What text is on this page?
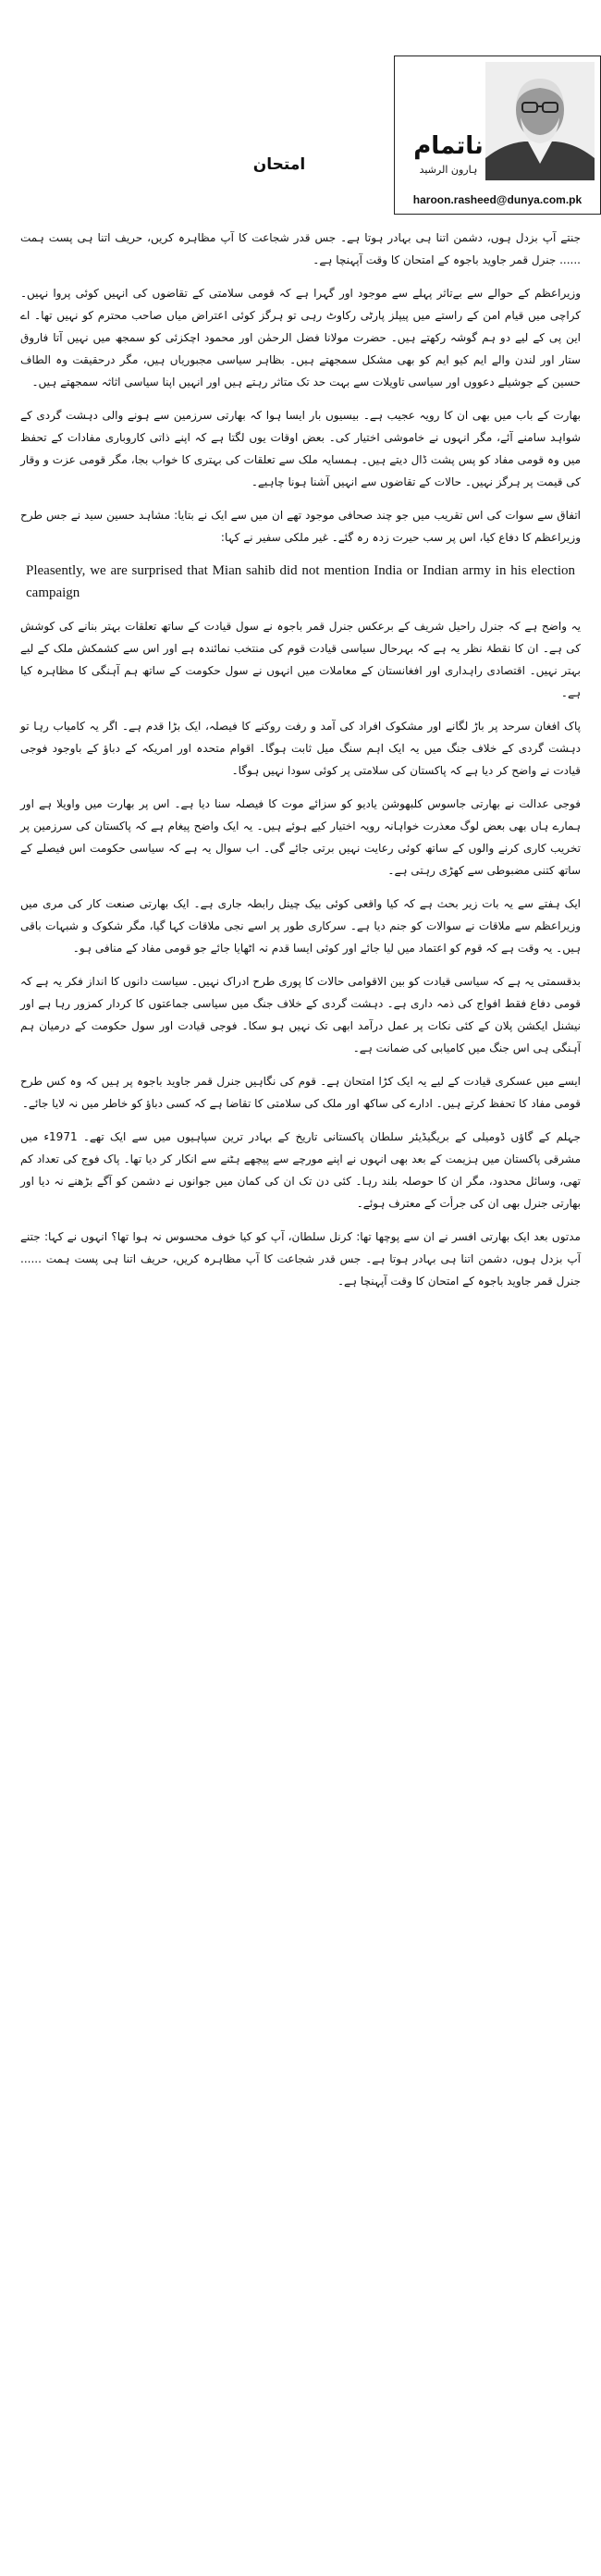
ناتمام
ہارون الرشید
haroon.rasheed@dunya.com.pk
امتحان

جنتے آپ بزدل ہوں، دشمن اتنا ہی بہادر ہوتا ہے۔ جس قدر شجاعت کا آپ مظاہرہ کریں، حریف اتنا ہی پست ہمت ...... جنرل قمر جاوید باجوہ کے امتحان کا وقت آپہنچا ہے۔

وزیراعظم کے حوالے سے بےتاثر پہلے سے موجود اور گہرا ہے کہ قومی سلامتی کے تقاضوں کی انہیں کوئی پروا نہیں۔ کراچی میں قیام امن کے راستے میں پیپلز پارٹی رکاوٹ رہی تو ہرگز کوئی اعتراض میاں صاحب محترم کو نہیں تھا۔ اے این پی کے لیے دو ہم گوشہ رکھتے ہیں۔ حضرت مولانا فضل الرحمٰن اور محمود اچکزئی کو سمجھ میں نہیں آتا فاروق ستار اور لندن والے ایم کیو ایم کو بھی مشکل سمجھتے ہیں۔ بظاہر سیاسی مجبوریاں ہیں، مگر درحقیقت وہ الطاف حسین کے جوشیلے دعووں اور سیاسی تاویلات سے بہت حد تک متاثر رہتے ہیں اور انہیں اپنا سیاسی اثاثہ سمجھتے ہیں۔

بھارت کے باب میں بھی ان کا رویہ عجیب ہے۔ بیسیوں بار ایسا ہوا کہ بھارتی سرزمین سے ہونے والی دہشت گردی کے شواہد سامنے آئے، مگر انہوں نے خاموشی اختیار کی۔ بعض اوقات یوں لگتا ہے کہ اپنے ذاتی کاروباری مفادات کے تحفظ میں وہ قومی مفاد کو پس پشت ڈال دیتے ہیں۔ ہمسایہ ملک سے تعلقات کی بہتری کا خواب بجا، مگر قومی عزت و وقار کی قیمت پر ہرگز نہیں۔ حالات کے تقاضوں سے انہیں آشنا ہونا چاہیے۔

اتفاق سے سوات کی اس تقریب میں جو چند صحافی موجود تھے ان میں سے ایک نے بتایا: مشاہد حسین سید نے جس طرح وزیراعظم کا دفاع کیا، اس پر سب حیرت زدہ رہ گئے۔ غیر ملکی سفیر نے کہا:

Pleasently, we are surprised that Mian sahib did not mention India or Indian army in his election campaign

یہ واضح ہے کہ جنرل راحیل شریف کے برعکس جنرل قمر باجوہ نے سول قیادت کے ساتھ تعلقات بہتر بنانے کی کوشش کی ہے۔ ان کا نقطۂ نظر یہ ہے کہ بہرحال سیاسی قیادت قوم کی منتخب نمائندہ ہے اور اس سے کشمکش ملک کے لیے بہتر نہیں۔ اقتصادی راہداری اور افغانستان کے معاملات میں انہوں نے سول حکومت کے ساتھ ہم آہنگی کا مظاہرہ کیا ہے۔

پاک افغان سرحد پر باڑ لگانے اور مشکوک افراد کی آمد و رفت روکنے کا فیصلہ، ایک بڑا قدم ہے۔ اگر یہ کامیاب رہا تو دہشت گردی کے خلاف جنگ میں یہ ایک اہم سنگ میل ثابت ہوگا۔ اقوام متحدہ اور امریکہ کے دباؤ کے باوجود فوجی قیادت نے واضح کر دیا ہے کہ پاکستان کی سلامتی پر کوئی سودا نہیں ہوگا۔

فوجی عدالت نے بھارتی جاسوس کلبھوشن یادیو کو سزائے موت کا فیصلہ سنا دیا ہے۔ اس پر بھارت میں واویلا ہے اور ہمارے ہاں بھی بعض لوگ معذرت خواہانہ رویہ اختیار کیے ہوئے ہیں۔ یہ ایک واضح پیغام ہے کہ پاکستان کی سرزمین پر تخریب کاری کرنے والوں کے ساتھ کوئی رعایت نہیں برتی جائے گی۔ اب سوال یہ ہے کہ سیاسی حکومت اس فیصلے کے ساتھ کتنی مضبوطی سے کھڑی رہتی ہے۔

ایک ہفتے سے یہ بات زیر بحث ہے کہ کیا واقعی کوئی بیک چینل رابطہ جاری ہے۔ ایک بھارتی صنعت کار کی مری میں وزیراعظم سے ملاقات نے سوالات کو جنم دیا ہے۔ سرکاری طور پر اسے نجی ملاقات کہا گیا، مگر شکوک و شبہات باقی ہیں۔ یہ وقت ہے کہ قوم کو اعتماد میں لیا جائے اور کوئی ایسا قدم نہ اٹھایا جائے جو قومی مفاد کے منافی ہو۔

بدقسمتی یہ ہے کہ سیاسی قیادت کو بین الاقوامی حالات کا پوری طرح ادراک نہیں۔ سیاست دانوں کا انداز فکر یہ ہے کہ قومی دفاع فقط افواج کی ذمہ داری ہے۔ دہشت گردی کے خلاف جنگ میں سیاسی جماعتوں کا کردار کمزور رہا ہے اور نیشنل ایکشن پلان کے کئی نکات پر عمل درآمد ابھی تک نہیں ہو سکا۔ فوجی قیادت اور سول حکومت کے درمیان ہم آہنگی ہی اس جنگ میں کامیابی کی ضمانت ہے۔

ایسے میں عسکری قیادت کے لیے یہ ایک کڑا امتحان ہے۔ قوم کی نگاہیں جنرل قمر جاوید باجوہ پر ہیں کہ وہ کس طرح قومی مفاد کا تحفظ کرتے ہیں۔ ادارے کی ساکھ اور ملک کی سلامتی کا تقاضا ہے کہ کسی دباؤ کو خاطر میں نہ لایا جائے۔

جہلم کے گاؤں ڈومیلی کے بریگیڈیئر سلطان پاکستانی تاریخ کے بہادر ترین سپاہیوں میں سے ایک تھے۔ 1971ء میں مشرقی پاکستان میں ہزیمت کے بعد بھی انہوں نے اپنے مورچے سے پیچھے ہٹنے سے انکار کر دیا تھا۔ پاک فوج کی تعداد کم تھی، وسائل محدود، مگر ان کا حوصلہ بلند رہا۔ کئی دن تک ان کی کمان میں جوانوں نے دشمن کو آگے بڑھنے نہ دیا اور بھارتی جنرل بھی ان کی جرأت کے معترف ہوئے۔

مدتوں بعد ایک بھارتی افسر نے ان سے پوچھا تھا: کرنل سلطان، آپ کو کیا خوف محسوس نہ ہوا تھا؟ انہوں نے کہا: جتنے آپ بزدل ہوں، دشمن اتنا ہی بہادر ہوتا ہے۔ جس قدر شجاعت کا آپ مظاہرہ کریں، حریف اتنا ہی پست ہمت ...... جنرل قمر جاوید باجوہ کے امتحان کا وقت آپہنچا ہے۔
